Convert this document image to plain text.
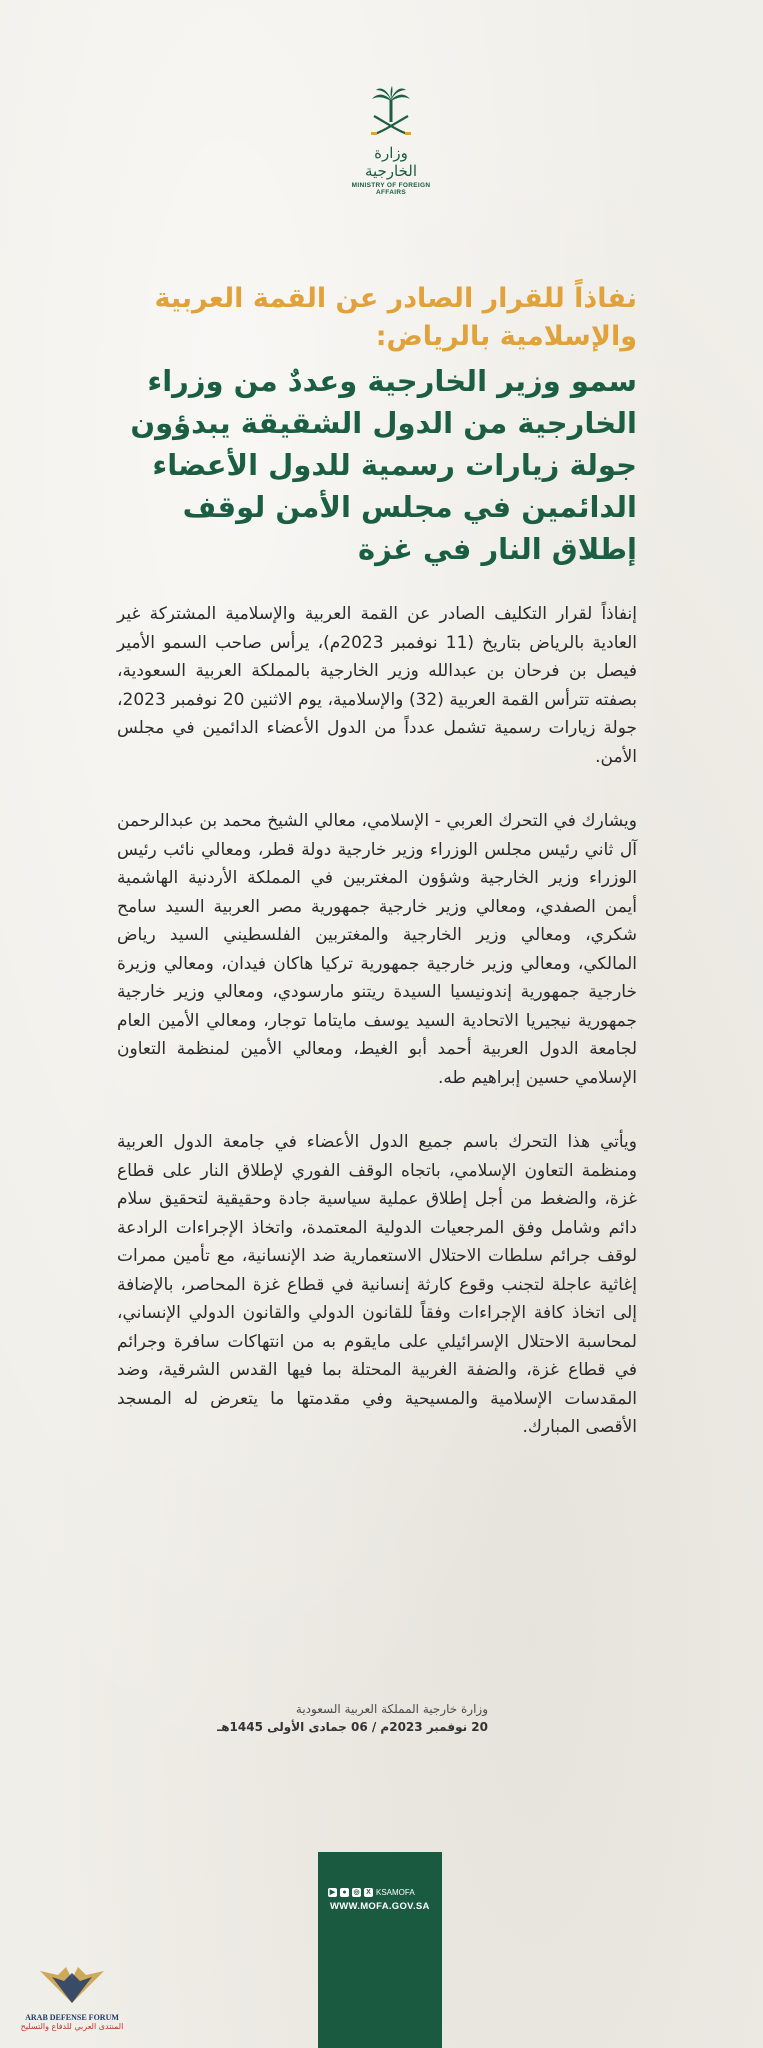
وزارة الخارجية
MINISTRY OF FOREIGN AFFAIRS

نفاذاً للقرار الصادر عن القمة العربية والإسلامية بالرياض:

سمو وزير الخارجية وعددٌ من وزراء الخارجية من الدول الشقيقة يبدؤون جولة زيارات رسمية للدول الأعضاء الدائمين في مجلس الأمن لوقف إطلاق النار في غزة

إنفاذاً لقرار التكليف الصادر عن القمة العربية والإسلامية المشتركة غير العادية بالرياض بتاريخ (11 نوفمبر 2023م)، يرأس صاحب السمو الأمير فيصل بن فرحان بن عبدالله وزير الخارجية بالمملكة العربية السعودية، بصفته تترأس القمة العربية (32) والإسلامية، يوم الاثنين 20 نوفمبر 2023، جولة زيارات رسمية تشمل عدداً من الدول الأعضاء الدائمين في مجلس الأمن.

ويشارك في التحرك العربي - الإسلامي، معالي الشيخ محمد بن عبدالرحمن آل ثاني رئيس مجلس الوزراء وزير خارجية دولة قطر، ومعالي نائب رئيس الوزراء وزير الخارجية وشؤون المغتربين في المملكة الأردنية الهاشمية أيمن الصفدي، ومعالي وزير خارجية جمهورية مصر العربية السيد سامح شكري، ومعالي وزير الخارجية والمغتربين الفلسطيني السيد رياض المالكي، ومعالي وزير خارجية جمهورية تركيا هاكان فيدان، ومعالي وزيرة خارجية جمهورية إندونيسيا السيدة ريتنو مارسودي، ومعالي وزير خارجية جمهورية نيجيريا الاتحادية السيد يوسف مايتاما توجار، ومعالي الأمين العام لجامعة الدول العربية أحمد أبو الغيط، ومعالي الأمين لمنظمة التعاون الإسلامي حسين إبراهيم طه.

ويأتي هذا التحرك باسم جميع الدول الأعضاء في جامعة الدول العربية ومنظمة التعاون الإسلامي، باتجاه الوقف الفوري لإطلاق النار على قطاع غزة، والضغط من أجل إطلاق عملية سياسية جادة وحقيقية لتحقيق سلام دائم وشامل وفق المرجعيات الدولية المعتمدة، واتخاذ الإجراءات الرادعة لوقف جرائم سلطات الاحتلال الاستعمارية ضد الإنسانية، مع تأمين ممرات إغاثية عاجلة لتجنب وقوع كارثة إنسانية في قطاع غزة المحاصر، بالإضافة إلى اتخاذ كافة الإجراءات وفقاً للقانون الدولي والقانون الدولي الإنساني، لمحاسبة الاحتلال الإسرائيلي على مايقوم به من انتهاكات سافرة وجرائم في قطاع غزة، والضفة الغربية المحتلة بما فيها القدس الشرقية، وضد المقدسات الإسلامية والمسيحية وفي مقدمتها ما يتعرض له المسجد الأقصى المبارك.

وزارة خارجية المملكة العربية السعودية
20 نوفمبر 2023م / 06 جمادى الأولى 1445هـ
▶	● ◎ X KSAMOFA
WWW.MOFA.GOV.SA
ARAB DEFENSE FORUM
المنتدى العربي للدفاع والتسليح
